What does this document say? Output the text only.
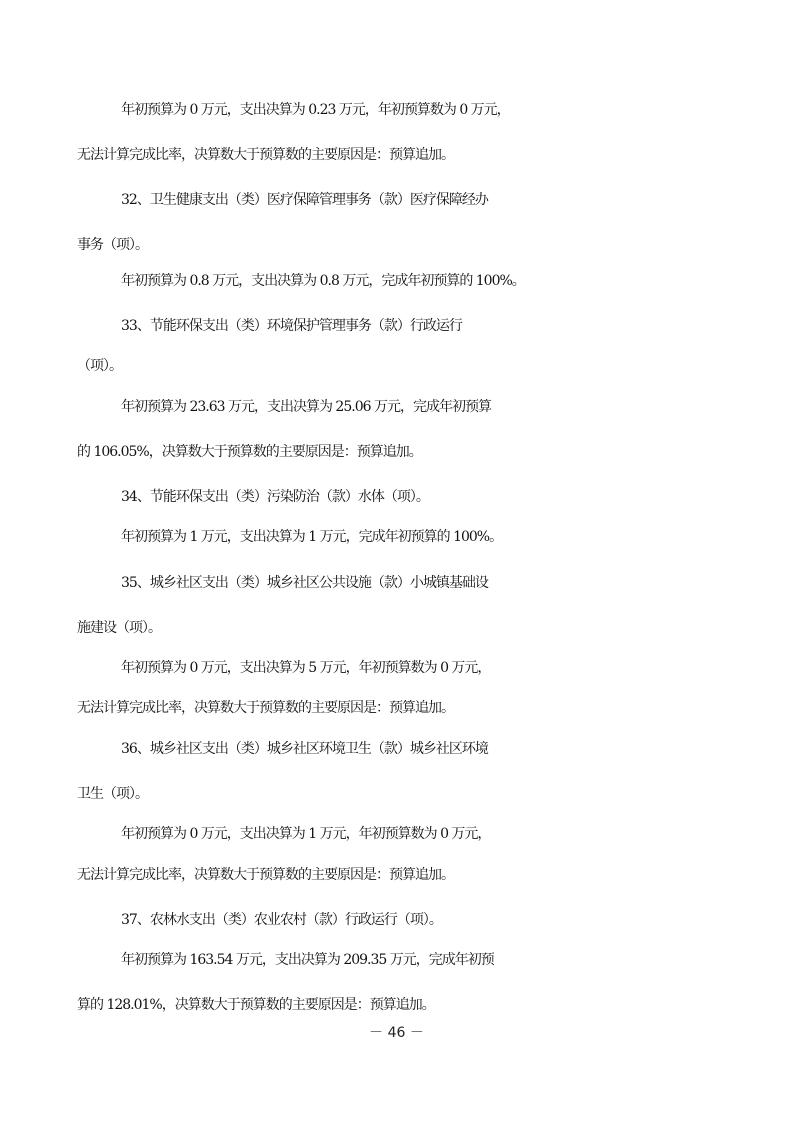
年初预算为 0 万元，支出决算为 0.23 万元，年初预算数为 0 万元，
无法计算完成比率，决算数大于预算数的主要原因是：预算追加。
32、卫生健康支出（类）医疗保障管理事务（款）医疗保障经办
事务（项）。
年初预算为 0.8 万元，支出决算为 0.8 万元，完成年初预算的 100%。
33、节能环保支出（类）环境保护管理事务（款）行政运行
（项）。
年初预算为 23.63 万元，支出决算为 25.06 万元，完成年初预算
的 106.05%，决算数大于预算数的主要原因是：预算追加。
34、节能环保支出（类）污染防治（款）水体（项）。
年初预算为 1 万元，支出决算为 1 万元，完成年初预算的 100%。
35、城乡社区支出（类）城乡社区公共设施（款）小城镇基础设
施建设（项）。
年初预算为 0 万元，支出决算为 5 万元，年初预算数为 0 万元，
无法计算完成比率，决算数大于预算数的主要原因是：预算追加。
36、城乡社区支出（类）城乡社区环境卫生（款）城乡社区环境
卫生（项）。
年初预算为 0 万元，支出决算为 1 万元，年初预算数为 0 万元，
无法计算完成比率，决算数大于预算数的主要原因是：预算追加。
37、农林水支出（类）农业农村（款）行政运行（项）。
年初预算为 163.54 万元，支出决算为 209.35 万元，完成年初预
算的 128.01%，决算数大于预算数的主要原因是：预算追加。
－ 46 －
